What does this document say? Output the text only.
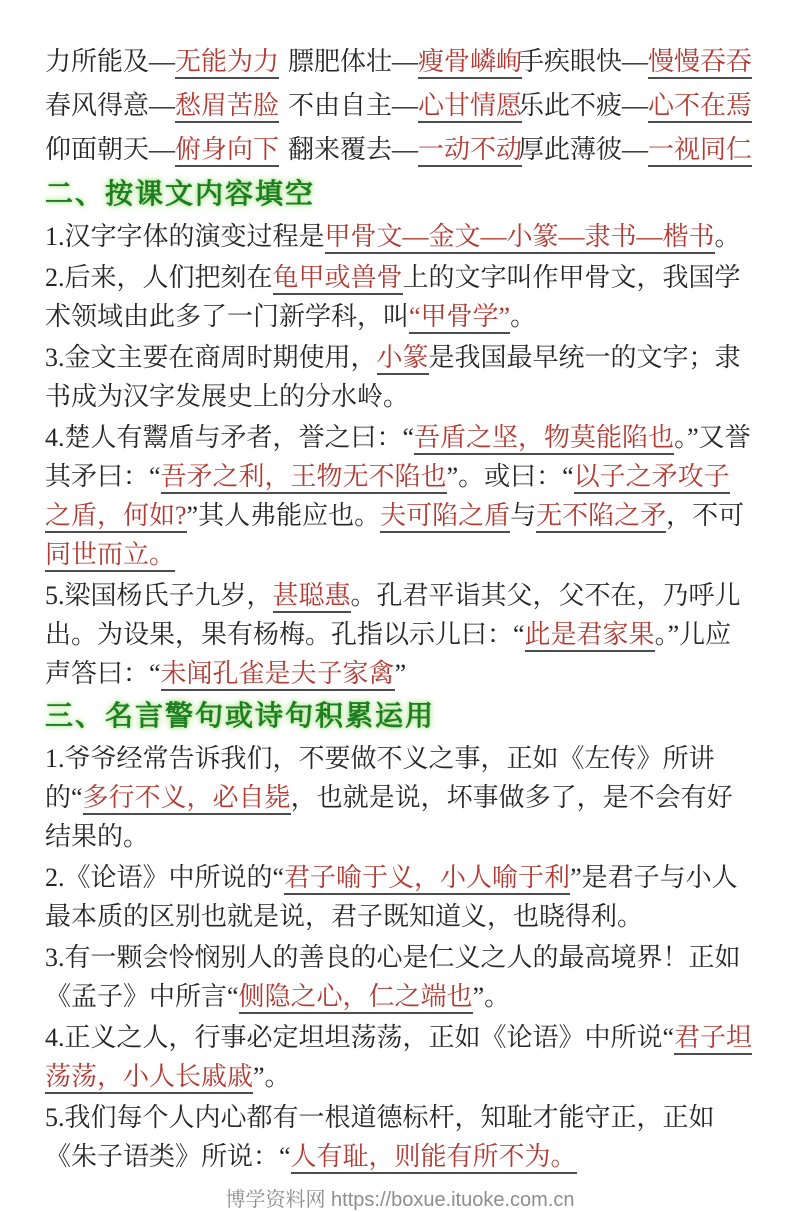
力所能及—无能为力 膘肥体壮—瘦骨嶙峋
手疾眼快—慢慢吞吞
春风得意—愁眉苦脸 不由自主—心甘情愿
乐此不疲—心不在焉
仰面朝天—俯身向下 翻来覆去—一动不动
厚此薄彼—一视同仁
二、按课文内容填空

1.汉字字体的演变过程是甲骨文—金文—小篆—隶书—楷书。

2.后来，人们把刻在龟甲或兽骨上的文字叫作甲骨文，我国学术领域由此多了一门新学科，叫“甲骨学”。

3.金文主要在商周时期使用，小篆是我国最早统一的文字；隶书成为汉字发展史上的分水岭。

4.楚人有鬻盾与矛者，誉之曰：“吾盾之坚，物莫能陷也。”又誉其矛曰：“吾矛之利，王物无不陷也”。或曰：“以子之矛攻子之盾，何如?”其人弗能应也。夫可陷之盾与无不陷之矛，不可同世而立。

5.梁国杨氏子九岁，甚聪惠。孔君平诣其父，父不在，乃呼儿出。为设果，果有杨梅。孔指以示儿曰：“此是君家果。”儿应声答曰：“未闻孔雀是夫子家禽”

三、名言警句或诗句积累运用

1.爷爷经常告诉我们，不要做不义之事，正如《左传》所讲的“多行不义，必自毙，也就是说，坏事做多了，是不会有好结果的。

2.《论语》中所说的“君子喻于义，小人喻于利”是君子与小人最本质的区别也就是说，君子既知道义，也晓得利。

3.有一颗会怜悯别人的善良的心是仁义之人的最高境界！正如《孟子》中所言“侧隐之心，仁之端也”。

4.正义之人，行事必定坦坦荡荡，正如《论语》中所说“君子坦荡荡，小人长戚戚”。

5.我们每个人内心都有一根道德标杆，知耻才能守正，正如《朱子语类》所说：“人有耻，则能有所不为。

博学资料网 https://boxue.ituoke.com.cn
